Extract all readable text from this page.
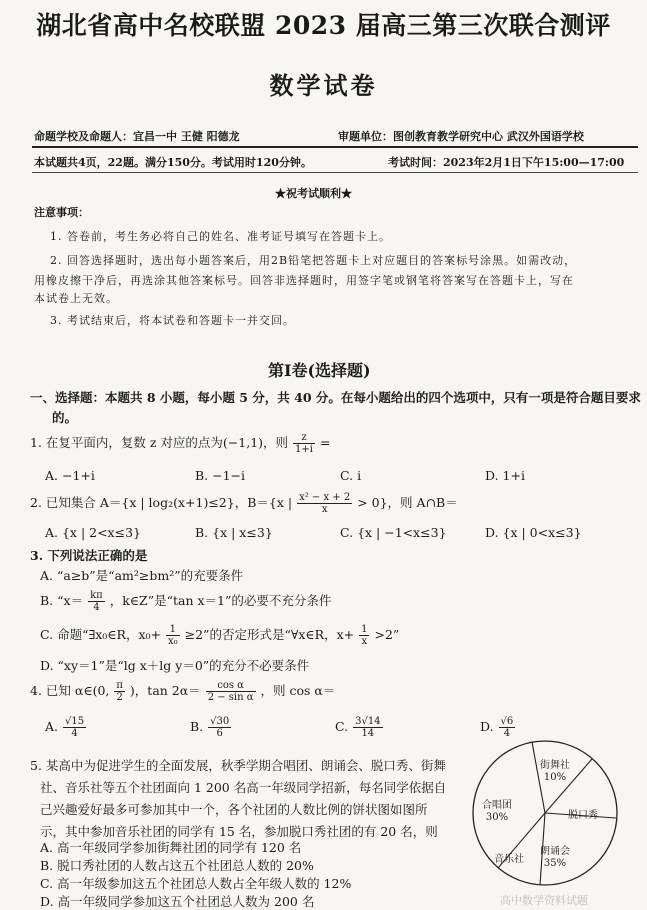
湖北省高中名校联盟 2023 届高三第三次联合测评
数学试卷
命题学校及命题人：宜昌一中 王健 阳德龙	审题单位：图创教育教学研究中心 武汉外国语学校
本试题共4页，22题。满分150分。考试用时120分钟。	考试时间：2023年2月1日下午15:00—17:00
★祝考试顺利★
注意事项：
1. 答卷前，考生务必将自己的姓名、准考证号填写在答题卡上。
2. 回答选择题时，选出每小题答案后，用2B铅笔把答题卡上对应题目的答案标号涂黑。如需改动，
用橡皮擦干净后，再选涂其他答案标号。回答非选择题时，用签字笔或钢笔将答案写在答题卡上，写在
本试卷上无效。
3. 考试结束后，将本试卷和答题卡一并交回。
第Ⅰ卷(选择题)
一、选择题：本题共 8 小题，每小题 5 分，共 40 分。在每小题给出的四个选项中，只有一项是符合题目要求
的。
1. 在复平面内，复数 z 对应的点为(−1,1)，则 $\frac{z}{1+i}$ =
A. −1+i	B. −1−i	C. i	D. 1+i
2. 已知集合 A＝{x | log₂(x+1)≤2}，B＝{x | $\frac{\text{x² − x + 2}}{x} > 0$}，则 A∩B＝
A. {x | 2<x≤3}	B. {x | x≤3}	C. {x | −1<x≤3}	D. {x | 0<x≤3}
3. 下列说法正确的是
A. “a≥b”是“am²≥bm²”的充要条件
B. “$x= \frac{k\pi}{4}$ ，k∈Z”是“tan x＝1”的必要不充分条件
C. 命题“∃x₀∈R，$x_0+ \frac{1}{\text{x₀}} \ge 2$”的否定形式是“∀x∈R，$x+ \frac{1}{x} >2$”
D. “xy＝1”是“lg x＋lg y＝0”的充分不必要条件
4. 已知 α∈(0, $\frac{\pi}{2}$ )，$\tan 2\alpha= \frac{\text{cos α}}{\text{2 − sin α}}$ ，则 cos α＝
A. $\frac{√15}{4}$	B. $\frac{√30}{6}$	C. $\frac{3√14}{14}$	D. $\frac{√6}{4}$
5. 某高中为促进学生的全面发展，秋季学期合唱团、朗诵会、脱口秀、街舞
社、音乐社等五个社团面向 1 200 名高一年级同学招新，每名同学依据自
己兴趣爱好最多可参加其中一个，各个社团的人数比例的饼状图如图所
示，其中参加音乐社团的同学有 15 名，参加脱口秀社团的有 20 名，则
A. 高一年级同学参加街舞社团的同学有 120 名
B. 脱口秀社团的人数占这五个社团总人数的 20%
C. 高一年级参加这五个社团总人数占全年级人数的 12%
D. 高一年级同学参加这五个社团总人数为 200 名
街舞社
10%
脱口秀
合唱团
30%
音乐社
朗诵会
35%
高中数学资料试题
